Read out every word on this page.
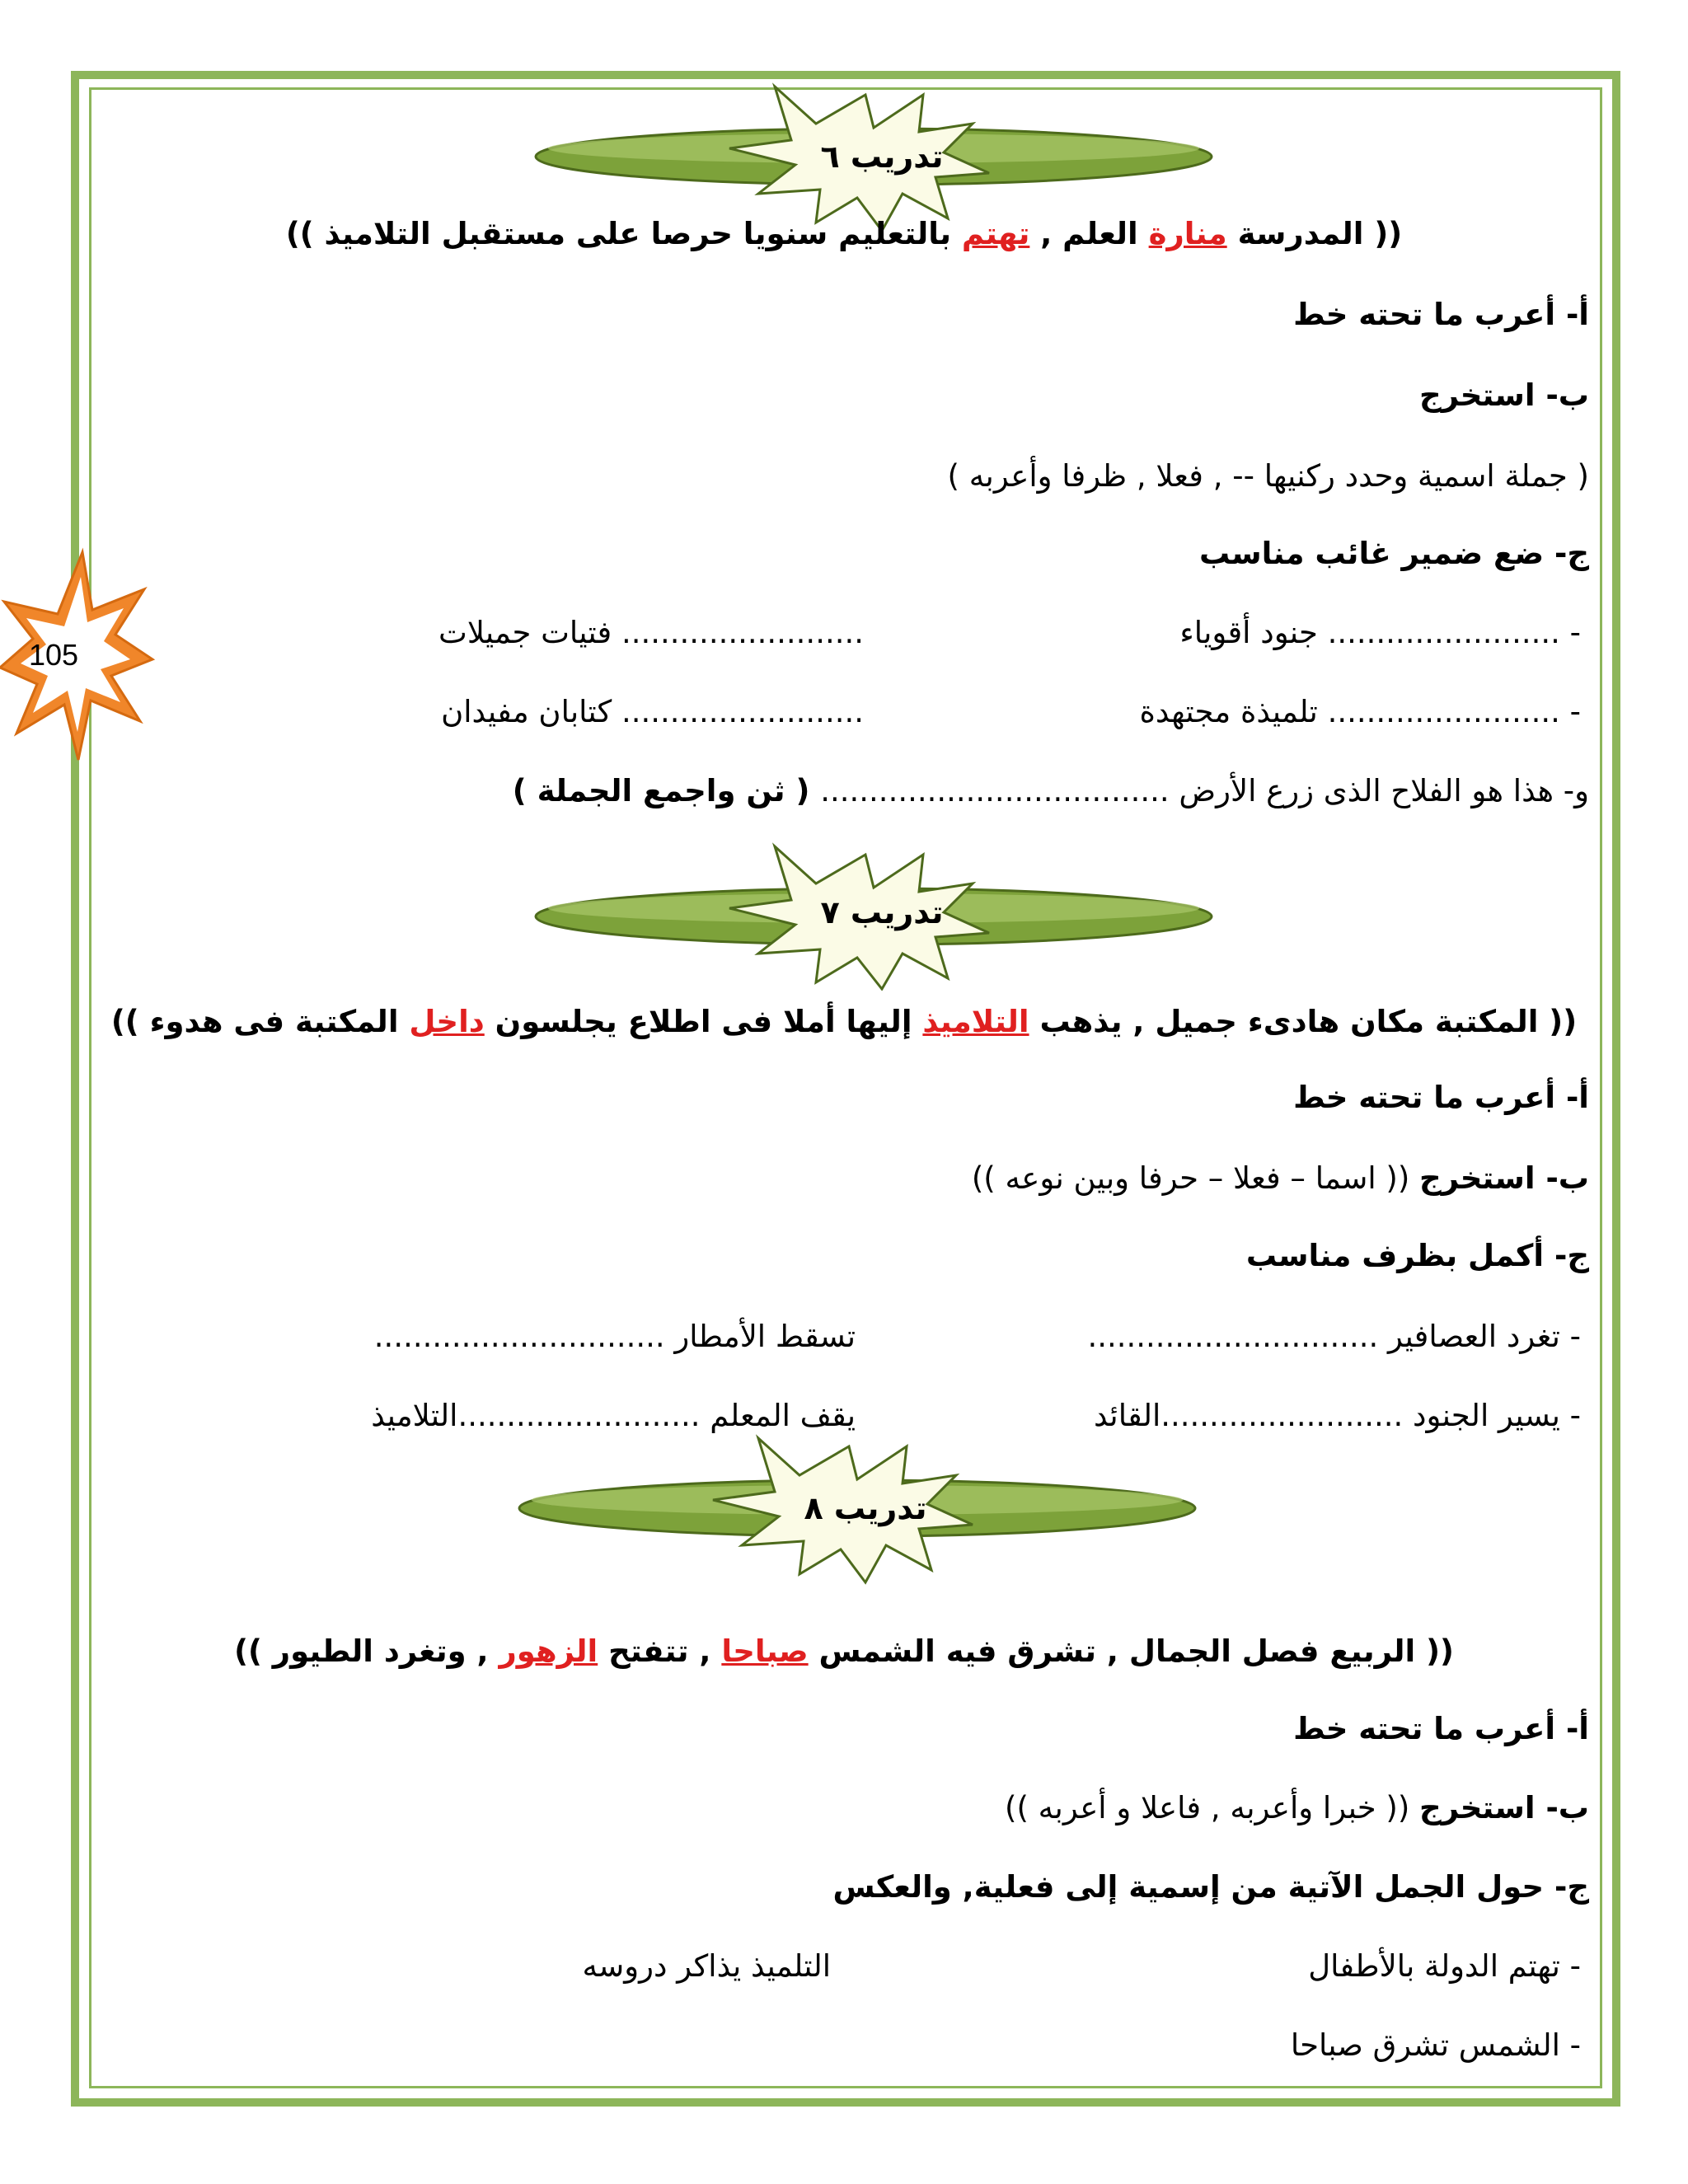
105
تدريب ٦
(( المدرسة منارة العلم , تهتم بالتعليم سنويا حرصا على مستقبل التلاميذ ))
أ- أعرب ما تحته خط
ب- استخرج
( جملة اسمية وحدد ركنيها -- , فعلا , ظرفا وأعربه )
ج- ضع ضمير غائب مناسب
- ........................ جنود أقوياء
......................... فتيات جميلات
- ........................ تلميذة مجتهدة
......................... كتابان مفيدان
و- هذا هو الفلاح الذى زرع الأرض .................................... ( ثن واجمع الجملة )
تدريب ٧
(( المكتبة مكان هادىء جميل , يذهب التلاميذ إليها أملا فى اطلاع يجلسون داخل المكتبة فى هدوء ))
أ- أعرب ما تحته خط
ب- استخرج (( اسما – فعلا – حرفا وبين نوعه ))
ج- أكمل بظرف مناسب
- تغرد العصافير ..............................
تسقط الأمطار ..............................
- يسير الجنود .........................القائد
يقف المعلم .........................التلاميذ
تدريب ٨
(( الربيع فصل الجمال , تشرق فيه الشمس صباحا , تتفتح الزهور , وتغرد الطيور ))
أ- أعرب ما تحته خط
ب- استخرج (( خبرا وأعربه , فاعلا و أعربه ))
ج- حول الجمل الآتية من إسمية إلى فعلية, والعكس
- تهتم الدولة بالأطفال
التلميذ يذاكر دروسه
- الشمس تشرق صباحا
